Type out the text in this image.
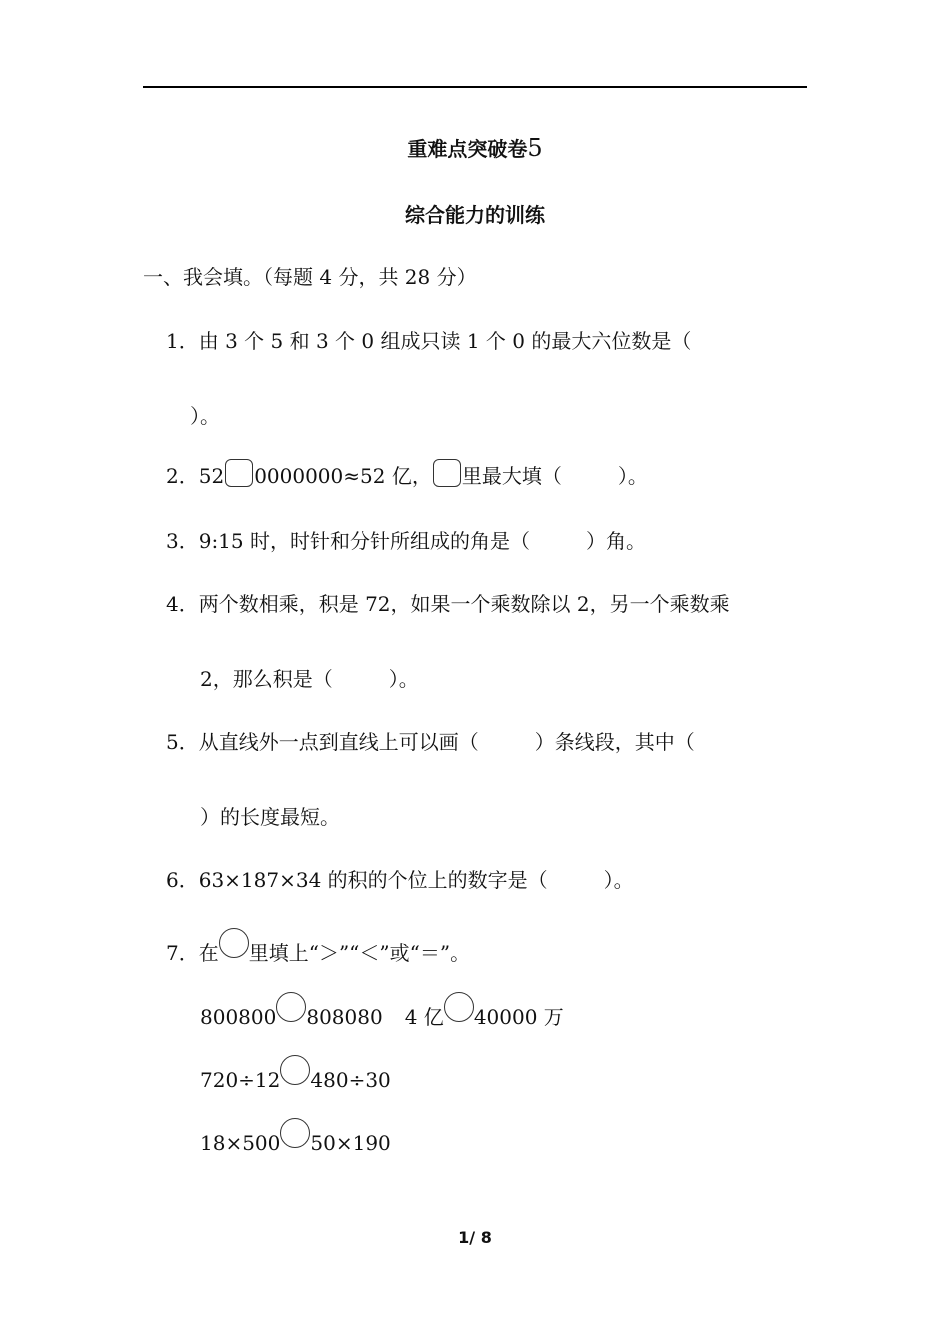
重难点突破卷5
综合能力的训练
一、我会填。（每题 4 分，共 28 分）
1．由 3 个 5 和 3 个 0 组成只读 1 个 0 的最大六位数是（
）。
2．52 0000000≈52 亿， 里最大填（	）。
3．9:15 时，时针和分针所组成的角是（	）角。
4．两个数相乘，积是 72，如果一个乘数除以 2，另一个乘数乘
2，那么积是（	）。
5．从直线外一点到直线上可以画（	）条线段，其中（
）的长度最短。
6．63×187×34 的积的个位上的数字是（	）。
7．在 里填上“＞”“＜”或“＝”。
800800 808080 4 亿 40000 万
720÷12 480÷30
18×500 50×190
1/ 8
